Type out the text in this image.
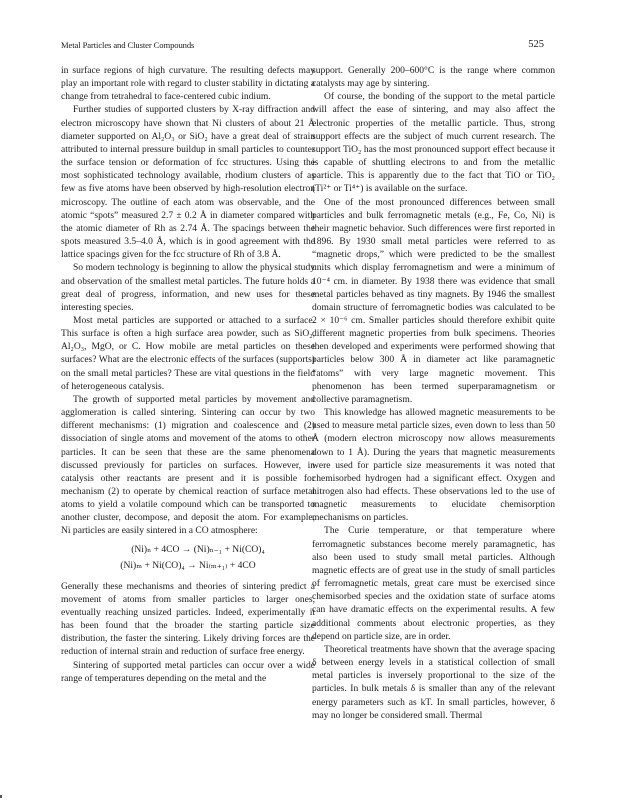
Metal Particles and Cluster Compounds	525

in surface regions of high curvature. The resulting defects may play an important role with regard to cluster stability in dictating a change from tetrahedral to face-centered cubic indium.

Further studies of supported clusters by X-ray diffraction and electron microscopy have shown that Ni clusters of about 21 Å diameter supported on Al₂O₃ or SiO₂ have a great deal of strain attributed to internal pressure buildup in small particles to counter the surface tension or deformation of fcc structures. Using the most sophisticated technology available, rhodium clusters of as few as five atoms have been observed by high-resolution electron microscopy. The outline of each atom was observable, and the atomic “spots” measured 2.7 ± 0.2 Å in diameter compared with the atomic diameter of Rh as 2.74 Å. The spacings between the spots measured 3.5–4.0 Å, which is in good agreement with the lattice spacings given for the fcc structure of Rh of 3.8 Å.

So modern technology is beginning to allow the physical study and observation of the smallest metal particles. The future holds a great deal of progress, information, and new uses for these interesting species.

Most metal particles are supported or attached to a surface. This surface is often a high surface area powder, such as SiO₂, Al₂O₃, MgO, or C. How mobile are metal particles on these surfaces? What are the electronic effects of the surfaces (supports) on the small metal particles? These are vital questions in the field of heterogeneous catalysis.

The growth of supported metal particles by movement and agglomeration is called sintering. Sintering can occur by two different mechanisms: (1) migration and coalescence and (2) dissociation of single atoms and movement of the atoms to other particles. It can be seen that these are the same phenomena discussed previously for particles on surfaces. However, in catalysis other reactants are present and it is possible for mechanism (2) to operate by chemical reaction of surface metal atoms to yield a volatile compound which can be transported to another cluster, decompose, and deposit the atom. For example, Ni particles are easily sintered in a CO atmosphere:

(Ni)ₙ + 4CO → (Ni)ₙ₋₁ + Ni(CO)₄
(Ni)ₘ + Ni(CO)₄ → Ni₍ₘ₊₁₎ + 4CO

Generally these mechanisms and theories of sintering predict a movement of atoms from smaller particles to larger ones, eventually reaching unsized particles. Indeed, experimentally it has been found that the broader the starting particle size distribution, the faster the sintering. Likely driving forces are the reduction of internal strain and reduction of surface free energy.

Sintering of supported metal particles can occur over a wide range of temperatures depending on the metal and the

support. Generally 200–600°C is the range where common catalysts may age by sintering.

Of course, the bonding of the support to the metal particle will affect the ease of sintering, and may also affect the electronic properties of the metallic particle. Thus, strong support effects are the subject of much current research. The support TiO₂ has the most pronounced support effect because it is capable of shuttling electrons to and from the metallic particle. This is apparently due to the fact that TiO or TiO₂ (Ti²⁺ or Ti⁴⁺) is available on the surface.

One of the most pronounced differences between small particles and bulk ferromagnetic metals (e.g., Fe, Co, Ni) is their magnetic behavior. Such differences were first reported in 1896. By 1930 small metal particles were referred to as “magnetic drops,” which were predicted to be the smallest units which display ferromagnetism and were a minimum of 10⁻⁴ cm. in diameter. By 1938 there was evidence that small metal particles behaved as tiny magnets. By 1946 the smallest domain structure of ferromagnetic bodies was calculated to be 2 × 10⁻⁶ cm. Smaller particles should therefore exhibit quite different magnetic properties from bulk specimens. Theories then developed and experiments were performed showing that particles below 300 Å in diameter act like paramagnetic “atoms” with very large magnetic movement. This phenomenon has been termed superparamagnetism or collective paramagnetism.

This knowledge has allowed magnetic measurements to be used to measure metal particle sizes, even down to less than 50 Å (modern electron microscopy now allows measurements down to 1 Å). During the years that magnetic measurements were used for particle size measurements it was noted that chemisorbed hydrogen had a significant effect. Oxygen and nitrogen also had effects. These observations led to the use of magnetic measurements to elucidate chemisorption mechanisms on particles.

The Curie temperature, or that temperature where ferromagnetic substances become merely paramagnetic, has also been used to study small metal particles. Although magnetic effects are of great use in the study of small particles of ferromagnetic metals, great care must be exercised since chemisorbed species and the oxidation state of surface atoms can have dramatic effects on the experimental results. A few additional comments about electronic properties, as they depend on particle size, are in order.

Theoretical treatments have shown that the average spacing δ between energy levels in a statistical collection of small metal particles is inversely proportional to the size of the particles. In bulk metals δ is smaller than any of the relevant energy parameters such as kT. In small particles, however, δ may no longer be considered small. Thermal
